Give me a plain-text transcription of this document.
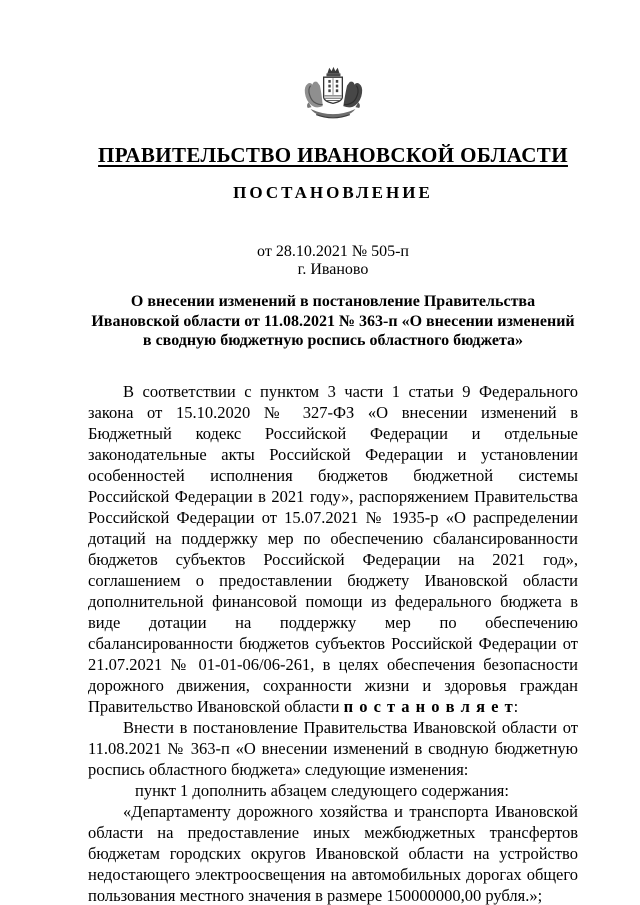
ПРАВИТЕЛЬСТВО ИВАНОВСКОЙ ОБЛАСТИ
ПОСТАНОВЛЕНИЕ
от 28.10.2021 № 505-п
г. Иваново
О внесении изменений в постановление Правительства
Ивановской области от 11.08.2021 № 363-п «О внесении изменений
в сводную бюджетную роспись областного бюджета»

В соответствии с пунктом 3 части 1 статьи 9 Федерального закона от 15.10.2020 № 327-ФЗ «О внесении изменений в Бюджетный кодекс Российской Федерации и отдельные законодательные акты Российской Федерации и установлении особенностей исполнения бюджетов бюджетной системы Российской Федерации в 2021 году», распоряжением Правительства Российской Федерации от 15.07.2021 № 1935-р «О распределении дотаций на поддержку мер по обеспечению сбалансированности бюджетов субъектов Российской Федерации на 2021 год», соглашением о предоставлении бюджету Ивановской области дополнительной финансовой помощи из федерального бюджета в виде дотации на поддержку мер по обеспечению сбалансированности бюджетов субъектов Российской Федерации от 21.07.2021 № 01-01-06/06-261, в целях обеспечения безопасности дорожного движения, сохранности жизни и здоровья граждан Правительство Ивановской области п о с т а н о в л я е т:

Внести в постановление Правительства Ивановской области от 11.08.2021 № 363-п «О внесении изменений в сводную бюджетную роспись областного бюджета» следующие изменения:

пункт 1 дополнить абзацем следующего содержания:

«Департаменту дорожного хозяйства и транспорта Ивановской области на предоставление иных межбюджетных трансфертов бюджетам городских округов Ивановской области на устройство недостающего электроосвещения на автомобильных дорогах общего пользования местного значения в размере 150000000,00 рубля.»;
